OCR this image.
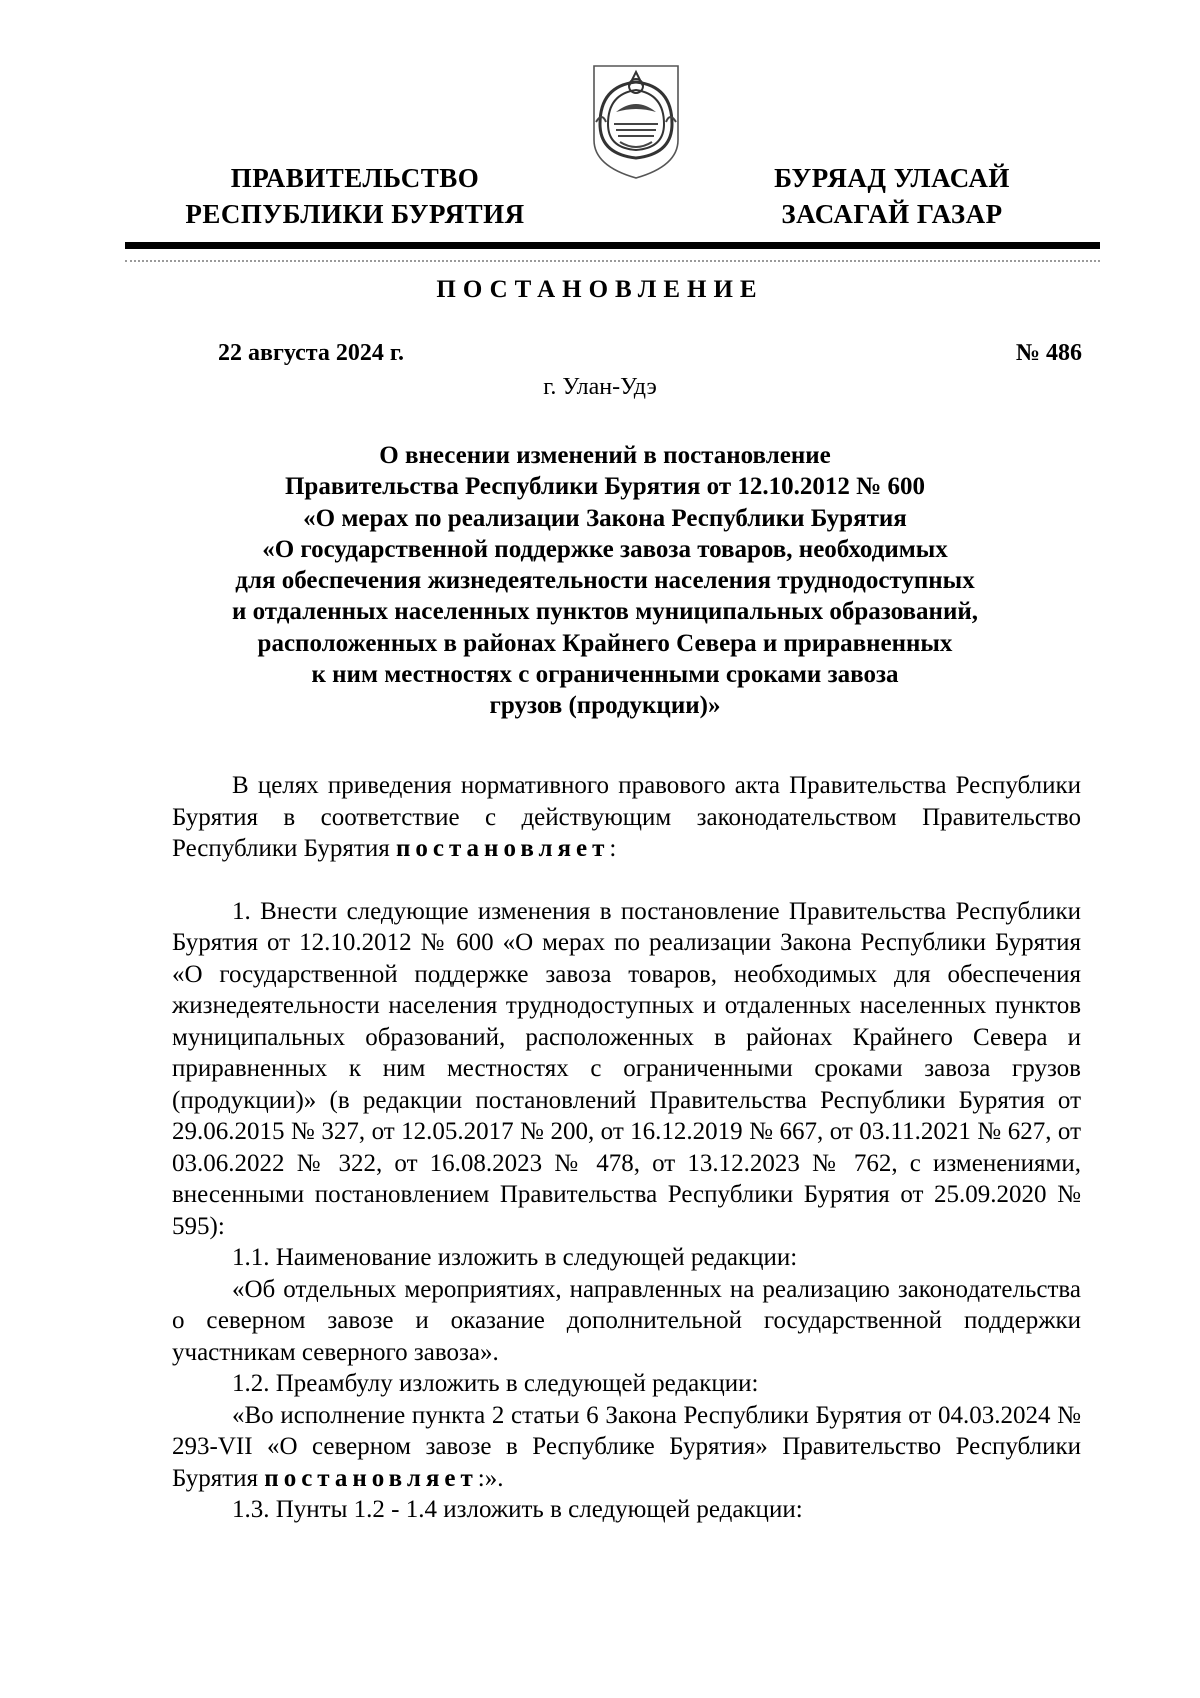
ПРАВИТЕЛЬСТВО
РЕСПУБЛИКИ БУРЯТИЯ
БУРЯАД УЛАСАЙ
ЗАСАГАЙ ГАЗАР
ПОСТАНОВЛЕНИЕ
22 августа 2024 г.	№ 486
г. Улан-Удэ
О внесении изменений в постановление
Правительства Республики Бурятия от 12.10.2012 № 600
«О мерах по реализации Закона Республики Бурятия
«О государственной поддержке завоза товаров, необходимых
для обеспечения жизнедеятельности населения труднодоступных
и отдаленных населенных пунктов муниципальных образований,
расположенных в районах Крайнего Севера и приравненных
к ним местностях с ограниченными сроками завоза
грузов (продукции)»

В целях приведения нормативного правового акта Правительства Республики Бурятия в соответствие с действующим законодательством Правительство Республики Бурятия постановляет:

1. Внести следующие изменения в постановление Правительства Республики Бурятия от 12.10.2012 № 600 «О мерах по реализации Закона Республики Бурятия «О государственной поддержке завоза товаров, необходимых для обеспечения жизнедеятельности населения труднодоступных и отдаленных населенных пунктов муниципальных образований, расположенных в районах Крайнего Севера и приравненных к ним местностях с ограниченными сроками завоза грузов (продукции)» (в редакции постановлений Правительства Республики Бурятия от 29.06.2015 № 327, от 12.05.2017 № 200, от 16.12.2019 № 667, от 03.11.2021 № 627, от 03.06.2022 № 322, от 16.08.2023 № 478, от 13.12.2023 № 762, с изменениями, внесенными постановлением Правительства Республики Бурятия от 25.09.2020 № 595):

1.1. Наименование изложить в следующей редакции:

«Об отдельных мероприятиях, направленных на реализацию законодательства о северном завозе и оказание дополнительной государственной поддержки участникам северного завоза».

1.2. Преамбулу изложить в следующей редакции:

«Во исполнение пункта 2 статьи 6 Закона Республики Бурятия от 04.03.2024 № 293-VII «О северном завозе в Республике Бурятия» Правительство Республики Бурятия постановляет:».

1.3. Пунты 1.2 - 1.4 изложить в следующей редакции:
